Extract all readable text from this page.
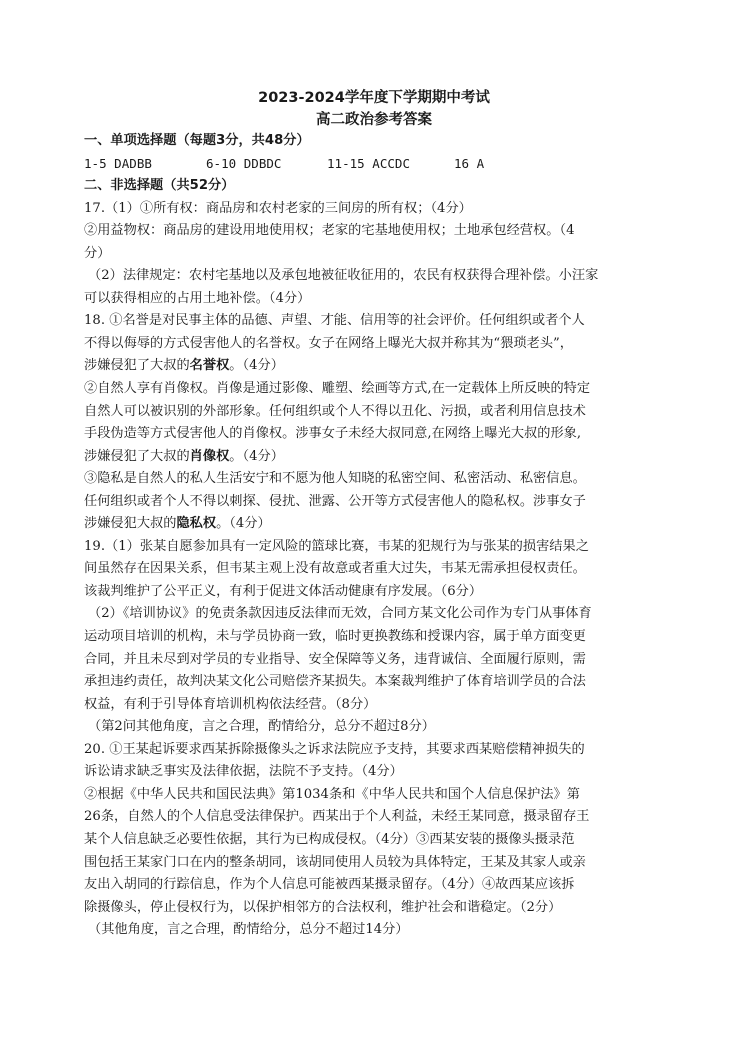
2023-2024学年度下学期期中考试
高二政治参考答案
一、单项选择题（每题3分，共48分）
1-5 DADBB	6-10 DDBDC	11-15 ACCDC	16 A
二、非选择题（共52分）
17.（1）①所有权：商品房和农村老家的三间房的所有权；（4分）
②用益物权：商品房的建设用地使用权；老家的宅基地使用权；土地承包经营权。（4
分）
（2）法律规定：农村宅基地以及承包地被征收征用的，农民有权获得合理补偿。小汪家
可以获得相应的占用土地补偿。（4分）
18. ①名誉是对民事主体的品德、声望、才能、信用等的社会评价。任何组织或者个人
不得以侮辱的方式侵害他人的名誉权。女子在网络上曝光大叔并称其为“猥琐老头”，
涉嫌侵犯了大叔的名誉权。（4分）
②自然人享有肖像权。肖像是通过影像、雕塑、绘画等方式,在一定载体上所反映的特定
自然人可以被识别的外部形象。任何组织或个人不得以丑化、污损，或者利用信息技术
手段伪造等方式侵害他人的肖像权。涉事女子未经大叔同意,在网络上曝光大叔的形象,
涉嫌侵犯了大叔的肖像权。（4分）
③隐私是自然人的私人生活安宁和不愿为他人知晓的私密空间、私密活动、私密信息。
任何组织或者个人不得以刺探、侵扰、泄露、公开等方式侵害他人的隐私权。涉事女子
涉嫌侵犯大叔的隐私权。（4分）
19.（1）张某自愿参加具有一定风险的篮球比赛，韦某的犯规行为与张某的损害结果之
间虽然存在因果关系，但韦某主观上没有故意或者重大过失，韦某无需承担侵权责任。
该裁判维护了公平正义，有利于促进文体活动健康有序发展。（6分）
（2）《培训协议》的免责条款因违反法律而无效，合同方某文化公司作为专门从事体育
运动项目培训的机构，未与学员协商一致，临时更换教练和授课内容，属于单方面变更
合同，并且未尽到对学员的专业指导、安全保障等义务，违背诚信、全面履行原则，需
承担违约责任，故判决某文化公司赔偿齐某损失。本案裁判维护了体育培训学员的合法
权益，有利于引导体育培训机构依法经营。（8分）
（第2问其他角度，言之合理，酌情给分，总分不超过8分）
20. ①王某起诉要求西某拆除摄像头之诉求法院应予支持，其要求西某赔偿精神损失的
诉讼请求缺乏事实及法律依据，法院不予支持。（4分）
②根据《中华人民共和国民法典》第1034条和《中华人民共和国个人信息保护法》第
26条，自然人的个人信息受法律保护。西某出于个人利益，未经王某同意，摄录留存王
某个人信息缺乏必要性依据，其行为已构成侵权。（4分）③西某安装的摄像头摄录范
围包括王某家门口在内的整条胡同，该胡同使用人员较为具体特定，王某及其家人或亲
友出入胡同的行踪信息，作为个人信息可能被西某摄录留存。（4分）④故西某应该拆
除摄像头，停止侵权行为，以保护相邻方的合法权利，维护社会和谐稳定。（2分）
（其他角度，言之合理，酌情给分，总分不超过14分）
